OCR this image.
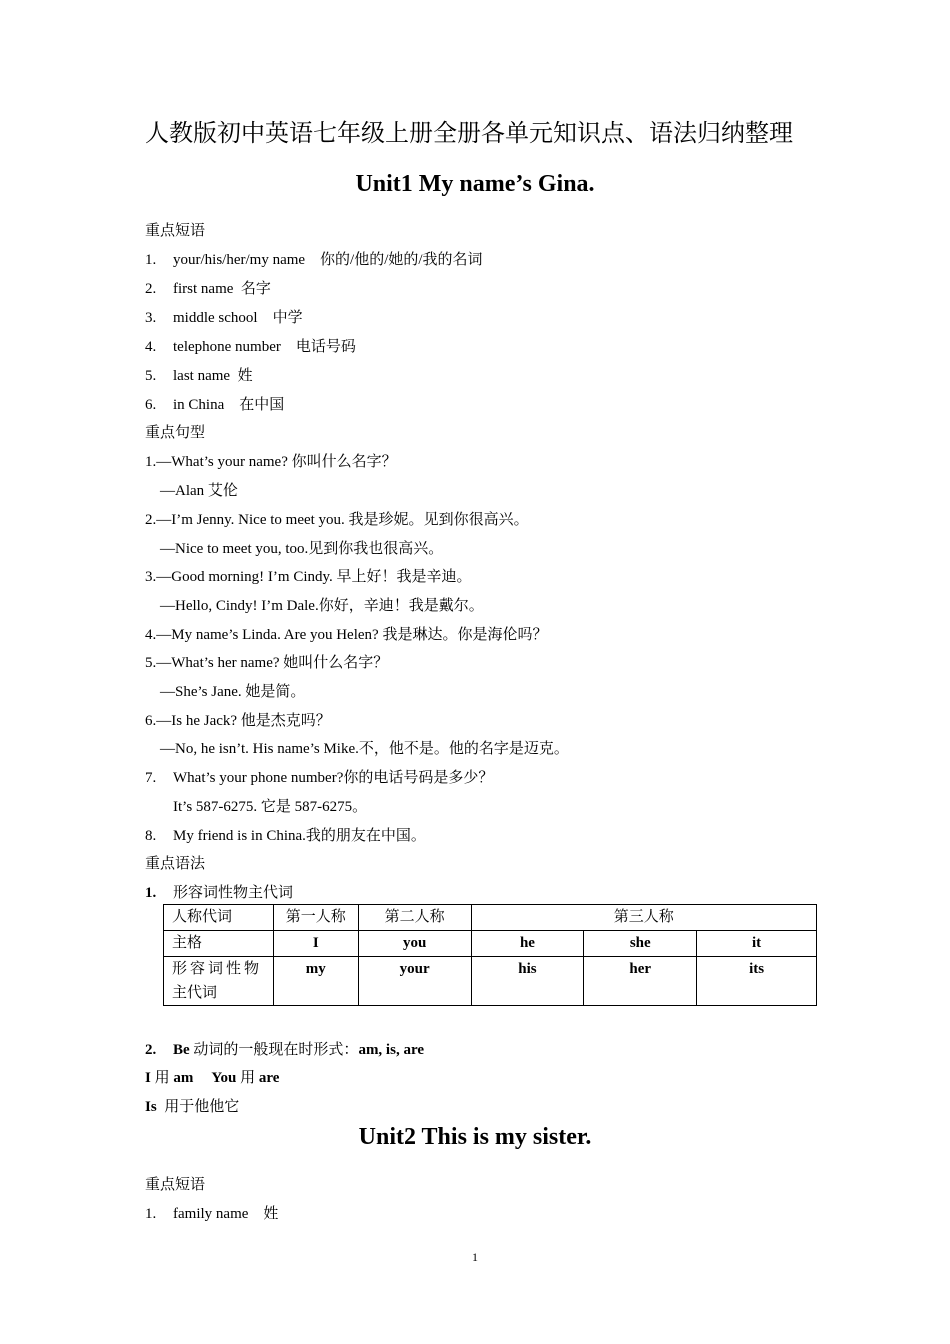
人教版初中英语七年级上册全册各单元知识点、语法归纳整理
Unit1 My name’s Gina.
重点短语
1. your/his/her/my name    你的/他的/她的/我的名词
2. first name  名字
3. middle school    中学
4. telephone number    电话号码
5. last name  姓
6. in China    在中国
重点句型
1.—What’s your name? 你叫什么名字？
—Alan 艾伦
2.—I’m Jenny. Nice to meet you. 我是珍妮。见到你很高兴。
—Nice to meet you, too.见到你我也很高兴。
3.—Good morning! I’m Cindy. 早上好！我是辛迪。
—Hello, Cindy! I’m Dale.你好，辛迪！我是戴尔。
4.—My name’s Linda. Are you Helen? 我是琳达。你是海伦吗？
5.—What’s her name? 她叫什么名字？
—She’s Jane. 她是简。
6.—Is he Jack? 他是杰克吗？
—No, he isn’t. His name’s Mike.不，他不是。他的名字是迈克。
7. What’s your phone number?你的电话号码是多少？
It’s 587-6275. 它是 587-6275。
8. My friend is in China.我的朋友在中国。
重点语法
1. 形容词性物主代词
人称代词	第一人称	第二人称	第三人称		
主格	I	you	he	she	it

形容词性物
主代词	my	your	his	her	its
2. Be 动词的一般现在时形式：am, is, are
I 用 am You 用 are
Is  用于他他它
Unit2 This is my sister.
重点短语
1. family name    姓
1
